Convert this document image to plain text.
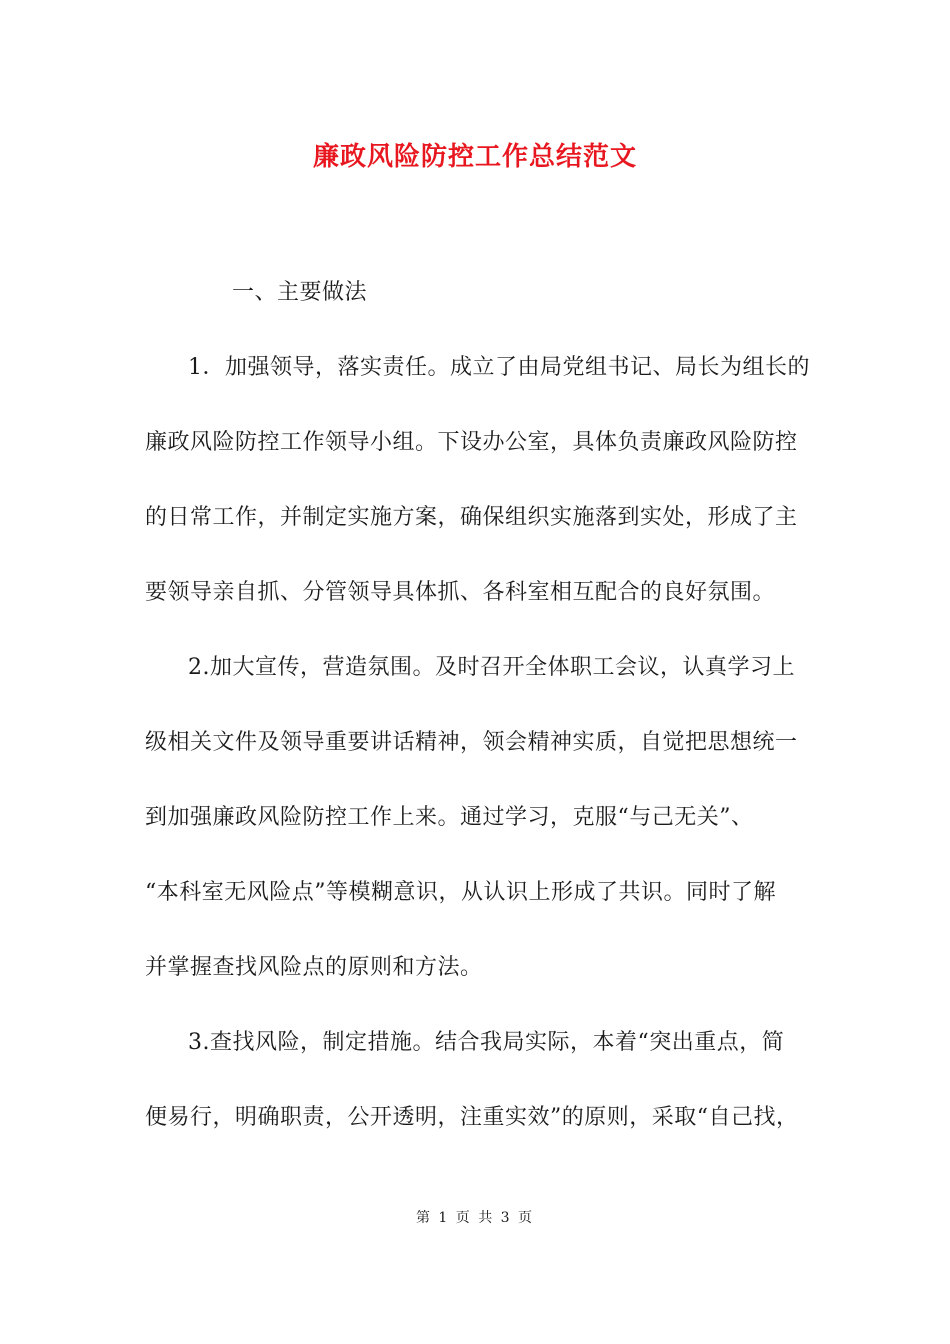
廉政风险防控工作总结范文
一、主要做法
1．加强领导，落实责任。成立了由局党组书记、局长为组长的
廉政风险防控工作领导小组。下设办公室，具体负责廉政风险防控
的日常工作，并制定实施方案，确保组织实施落到实处，形成了主
要领导亲自抓、分管领导具体抓、各科室相互配合的良好氛围。
2.加大宣传，营造氛围。及时召开全体职工会议，认真学习上
级相关文件及领导重要讲话精神，领会精神实质，自觉把思想统一
到加强廉政风险防控工作上来。通过学习，克服“与己无关”、
“本科室无风险点”等模糊意识，从认识上形成了共识。同时了解
并掌握查找风险点的原则和方法。
3.查找风险，制定措施。结合我局实际，本着“突出重点，简
便易行，明确职责，公开透明，注重实效”的原则，采取“自己找，
第 1 页 共 3 页
